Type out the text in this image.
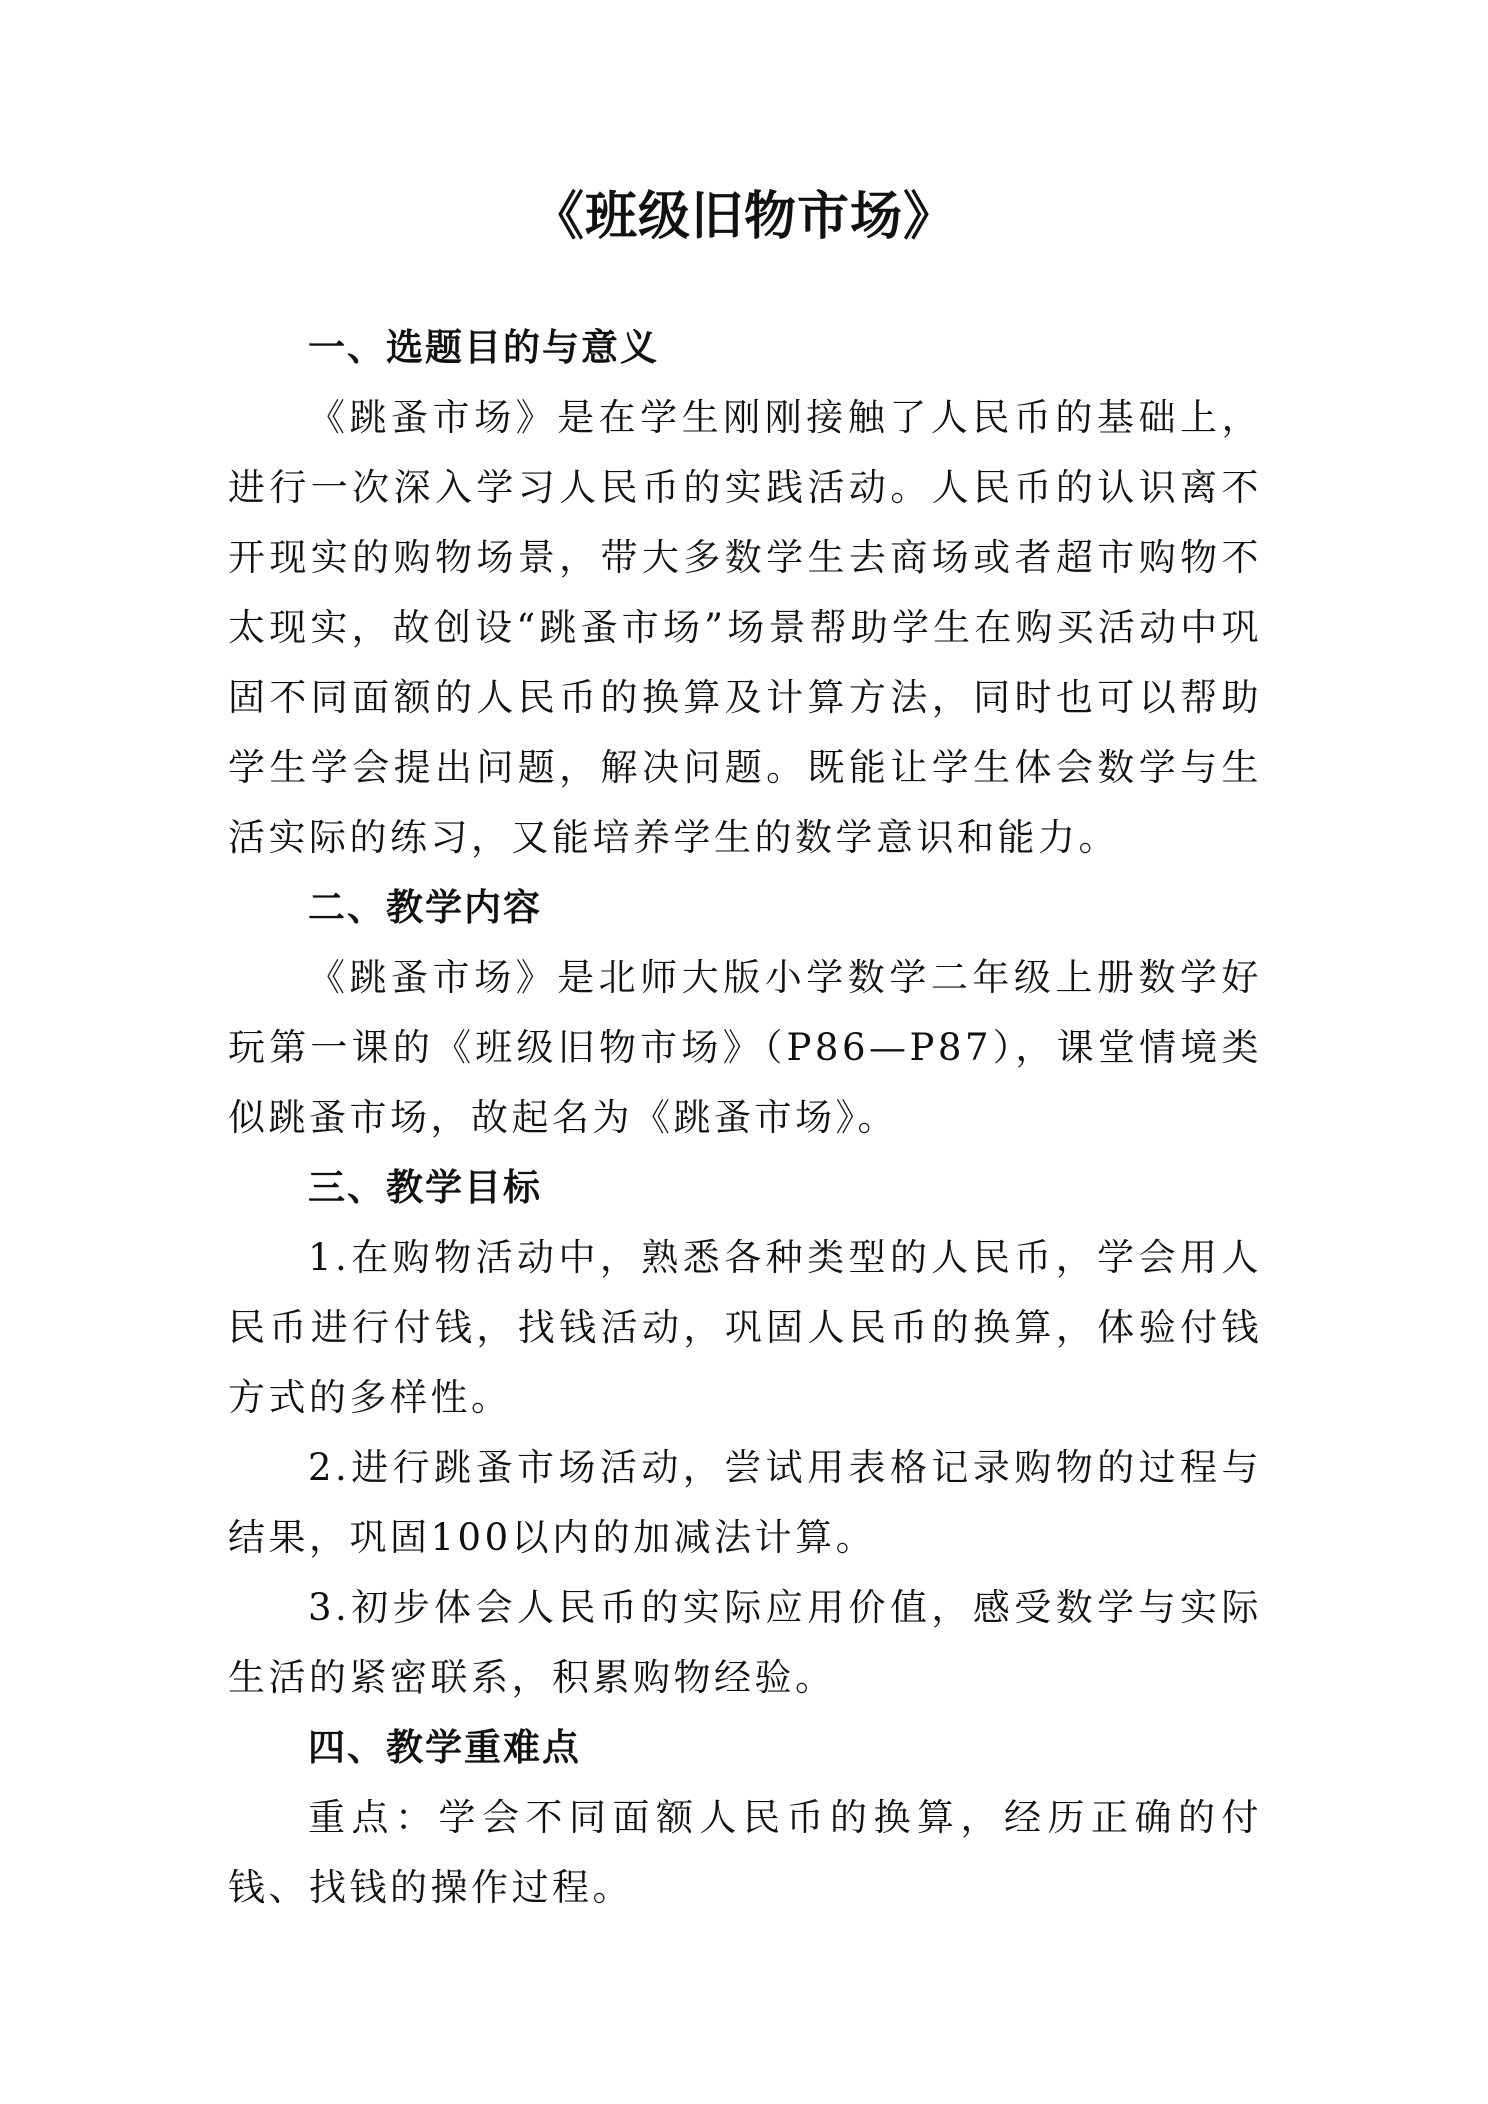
《班级旧物市场》

一、选题目的与意义

《跳蚤市场》是在学生刚刚接触了人民币的基础上，进行一次深入学习人民币的实践活动。人民币的认识离不开现实的购物场景，带大多数学生去商场或者超市购物不太现实，故创设“跳蚤市场”场景帮助学生在购买活动中巩固不同面额的人民币的换算及计算方法，同时也可以帮助学生学会提出问题，解决问题。既能让学生体会数学与生活实际的练习，又能培养学生的数学意识和能力。

二、教学内容

《跳蚤市场》是北师大版小学数学二年级上册数学好玩第一课的《班级旧物市场》（P86—P87），课堂情境类似跳蚤市场，故起名为《跳蚤市场》。

三、教学目标

1.在购物活动中，熟悉各种类型的人民币，学会用人民币进行付钱，找钱活动，巩固人民币的换算，体验付钱方式的多样性。

2.进行跳蚤市场活动，尝试用表格记录购物的过程与结果，巩固100以内的加减法计算。

3.初步体会人民币的实际应用价值，感受数学与实际生活的紧密联系，积累购物经验。

四、教学重难点

重点：学会不同面额人民币的换算，经历正确的付钱、找钱的操作过程。
